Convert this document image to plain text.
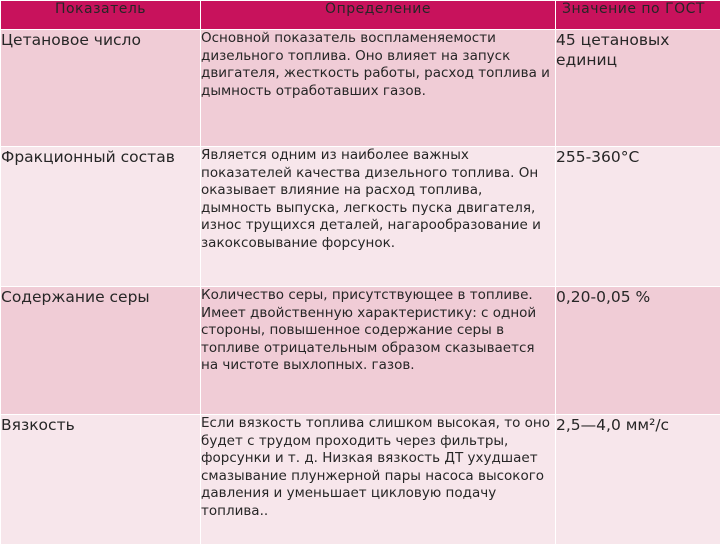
Показатель	Определение	Значение по ГОСТ
Цетановое число	Основной показатель воспламеняемости дизельного топлива. Оно влияет на запуск двигателя, жесткость работы, расход топлива и дымность отработавших газов.	45 цетановых единиц
Фракционный состав	Является одним из наиболее важных показателей качества дизельного топлива. Он оказывает влияние на расход топлива, дымность выпуска, легкость пуска двигателя, износ трущихся деталей, нагарообразование и закоксовывание форсунок.	255-360°С
Содержание серы	Количество серы, присутствующее в топливе. Имеет двойственную характеристику: с одной стороны, повышенное содержание серы в топливе отрицательным образом сказывается на чистоте выхлопных. газов.	0,20-0,05 %
Вязкость	Если вязкость топлива слишком высокая, то оно будет с трудом проходить через фильтры, форсунки и т. д. Низкая вязкость ДТ ухудшает смазывание плунжерной пары насоса высокого давления и уменьшает цикловую подачу топлива..	2,5—4,0 мм²/с
